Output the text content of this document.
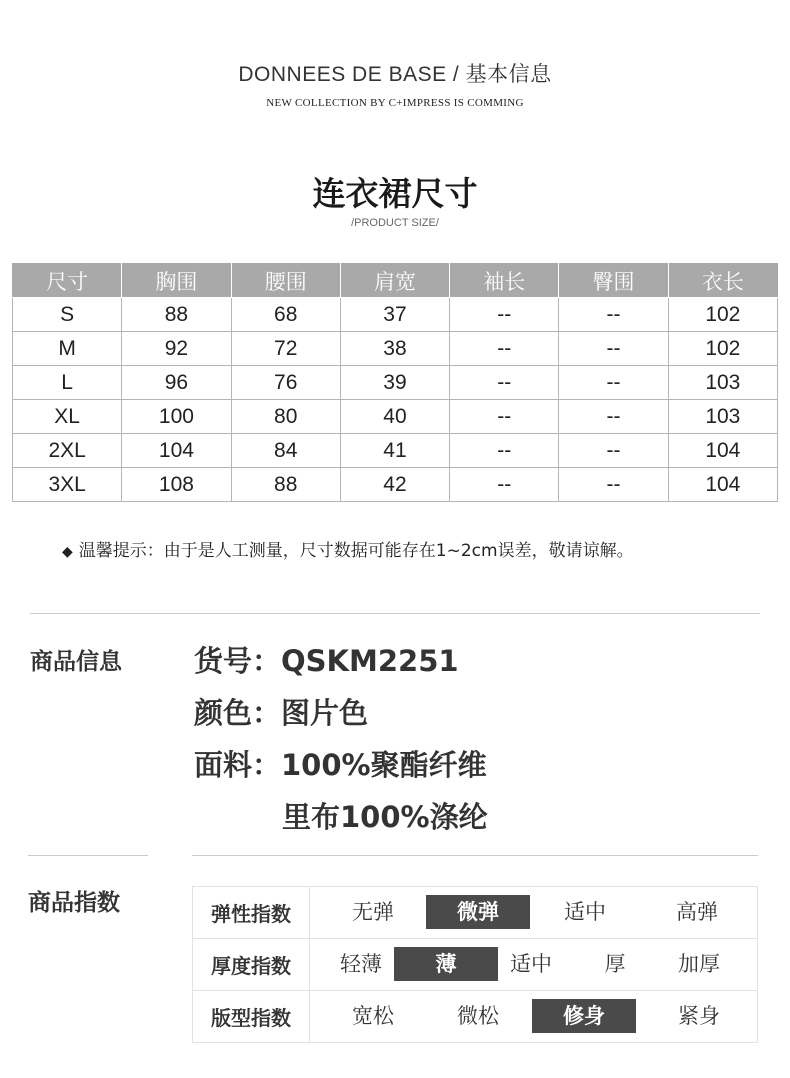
DONNEES DE BASE / 基本信息
NEW COLLECTION BY C+IMPRESS IS COMMING
连衣裙尺寸
/PRODUCT SIZE/
尺寸	胸围	腰围	肩宽	袖长	臀围	衣长
S	88	68	37	--	--	102
M	92	72	38	--	--	102
L	96	76	39	--	--	103
XL	100	80	40	--	--	103
2XL	104	84	41	--	--	104
3XL	108	88	42	--	--	104
◆ 温馨提示：由于是人工测量，尺寸数据可能存在1~2cm误差，敬请谅解。
商品信息 货号：QSKM2251
颜色：图片色
面料：100%聚酯纤维
里布100%涤纶
商品指数	弹性指数	无弹 微弹 适中 高弹

厚度指数	轻薄 薄 适中 厚 加厚

版型指数	宽松 微松 修身 紧身
